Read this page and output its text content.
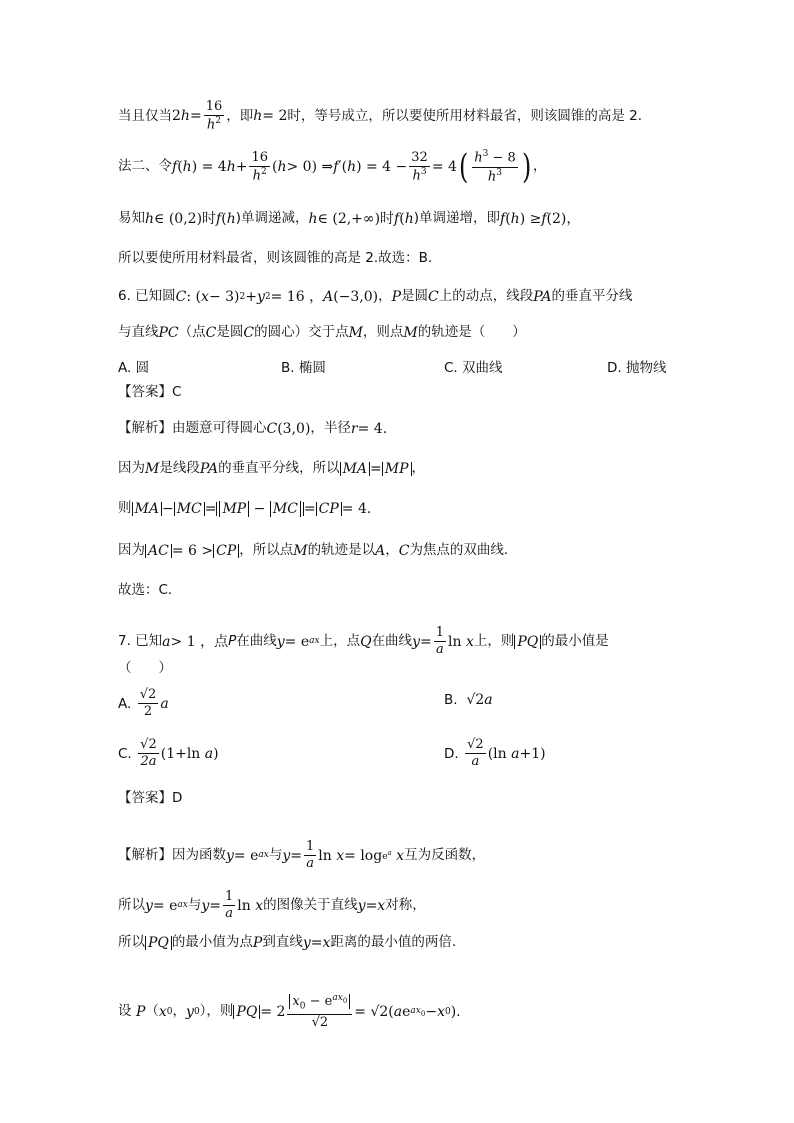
当且仅当 2 $h = \frac{16}{h^2}$ ，即 h = 2 时，等号成立，所以要使所用材料最省，则该圆锥的高是 2.
法二、令 f ( h ) = 4 $h + \frac{16}{h^2}$ ( h > 0) ⇒ f ′( h ) = $4 - \frac{32}{h^3} = 4$ ( $\frac{h^3 - 8}{h^3}$ ) ，
易知 h ∈ (0,2)时 f ( h )单调递减， h ∈ (2,+∞)时 f ( h )单调递增，即 f ( h ) ≥ f (2)，
所以要使所用材料最省，则该圆锥的高是 2.故选：B.
6. 已知圆 C : ( x − 3) 2 + y 2 = 16 ， A (−3,0) ， P 是圆 C 上的动点，线段 PA 的垂直平分线
与直线 PC （点 C 是圆 C 的圆心）交于点 M ，则点 M 的轨迹是（　　）
A. 圆	B. 椭圆	C. 双曲线	D. 抛物线
【答案】C
【解析】 由题意可得圆心 C (3,0) ，半径 r = 4 .
因为 M 是线段 PA 的垂直平分线，所以 MA = MP ，
则 MA − MC = MP − MC = CP = 4 .
因为 AC = 6 > CP ，所以点 M 的轨迹是以 A ， C 为焦点的双曲线.
故选：C.
7. 已知 a > 1 ，点 P 在曲线 y = e ax 上，点 Q 在曲线 $y = \frac{1}{a}$ ln
x 上，则 PQ 的最小值是
（　　）
A.
$\frac{√2}{2}$ a	B.
√2 a
C.
$\frac{√2}{2a} (1+\ln$
a )	D.
$\frac{√2}{a} (\ln$
a +1)
【答案】D
【解析】 因为函数 y = e ax 与 $y = \frac{1}{a}$ ln
$x = \log e^a$
x 互为反函数，
所以 y = e ax 与 $y = \frac{1}{a}$ ln
x 的图像关于直线 y = x 对称，
所以 PQ 的最小值为点 P 到直线 y = x 距离的最小值的两倍.
设
P （ x 0 ， y 0 ），则 PQ = $2 \frac{x_0 - e^{ax_0}}{√2} = √2$ ( a e $ax_0 - x$ 0 ).
